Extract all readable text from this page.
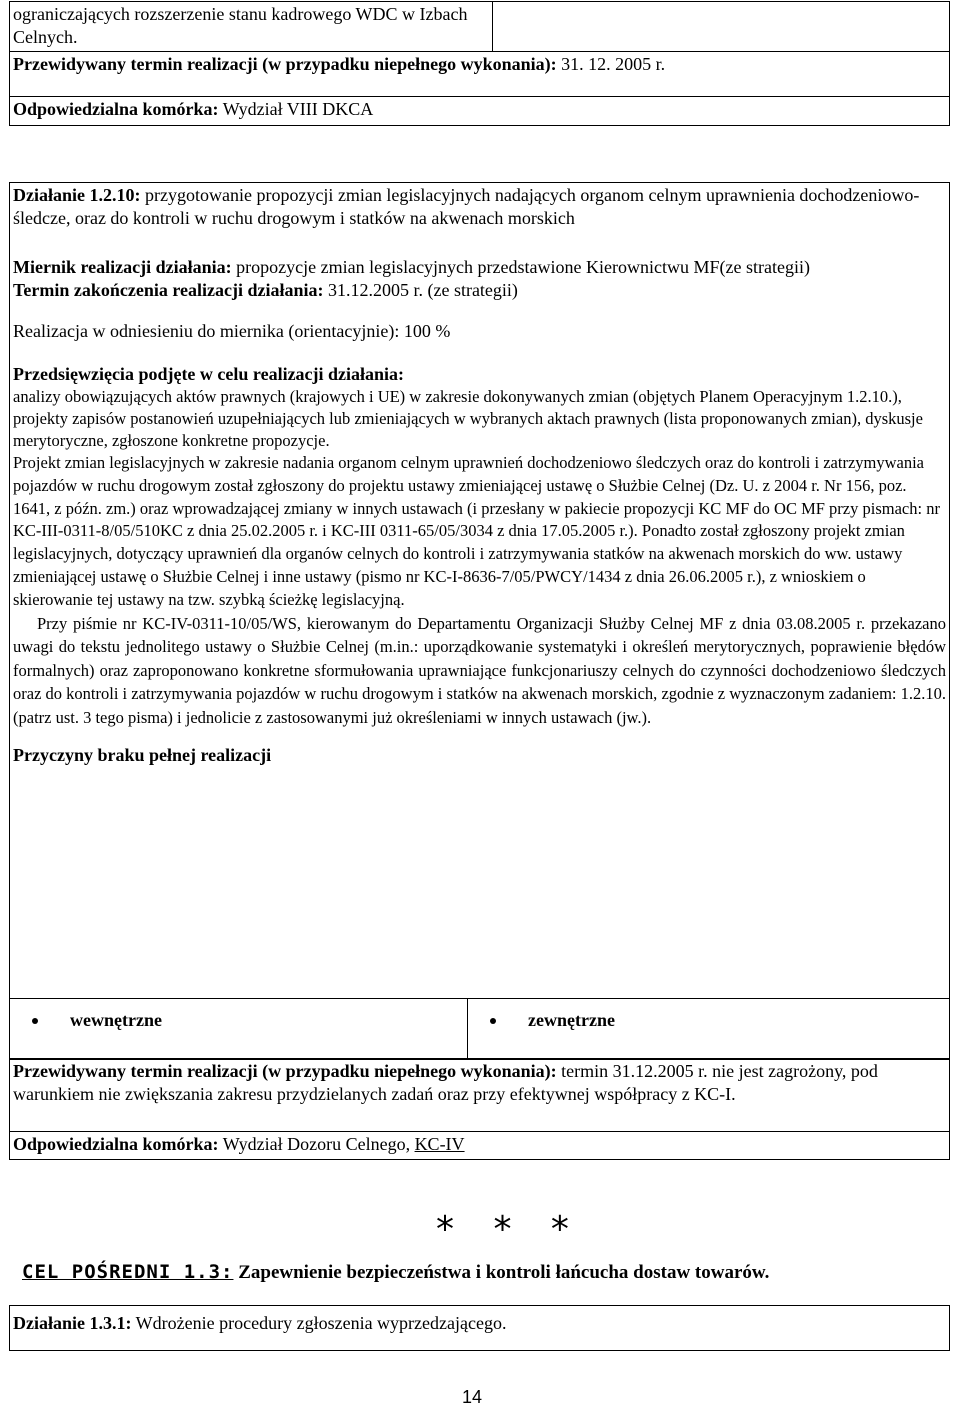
ograniczających rozszerzenie stanu kadrowego WDC w Izbach Celnych.	
Przewidywany termin realizacji (w przypadku niepełnego wykonania): 31. 12. 2005 r.
Odpowiedzialna komórka: Wydział VIII DKCA

Działanie 1.2.10: przygotowanie propozycji zmian legislacyjnych nadających organom celnym uprawnienia dochodzeniowo-śledcze, oraz do kontroli w ruchu drogowym i statków na akwenach morskich

Miernik realizacji działania: propozycje zmian legislacyjnych przedstawione Kierownictwu MF(ze strategii)

Termin zakończenia realizacji działania: 31.12.2005 r. (ze strategii)

Realizacja w odniesieniu do miernika (orientacyjnie): 100 %

Przedsięwzięcia podjęte w celu realizacji działania:

analizy obowiązujących aktów prawnych (krajowych i UE) w zakresie dokonywanych zmian (objętych Planem Operacyjnym 1.2.10.), projekty zapisów postanowień uzupełniających lub zmieniających w wybranych aktach prawnych (lista proponowanych zmian), dyskusje merytoryczne, zgłoszone konkretne propozycje.

Projekt zmian legislacyjnych w zakresie nadania organom celnym uprawnień dochodzeniowo śledczych oraz do kontroli i zatrzymywania pojazdów w ruchu drogowym został zgłoszony do projektu ustawy zmieniającej ustawę o Służbie Celnej (Dz. U. z 2004 r. Nr 156, poz. 1641, z późn. zm.) oraz wprowadzającej zmiany w innych ustawach (i przesłany w pakiecie propozycji KC MF do OC MF przy pismach: nr KC-III-0311-8/05/510KC z dnia 25.02.2005 r. i KC-III 0311-65/05/3034 z dnia 17.05.2005 r.). Ponadto został zgłoszony projekt zmian legislacyjnych, dotyczący uprawnień dla organów celnych do kontroli i zatrzymywania statków na akwenach morskich do ww. ustawy zmieniającej ustawę o Służbie Celnej i inne ustawy (pismo nr KC-I-8636-7/05/PWCY/1434 z dnia 26.06.2005 r.), z wnioskiem o skierowanie tej ustawy na tzw. szybką ścieżkę legislacyjną.

Przy piśmie nr KC-IV-0311-10/05/WS, kierowanym do Departamentu Organizacji Służby Celnej MF z dnia 03.08.2005 r. przekazano uwagi do tekstu jednolitego ustawy o Służbie Celnej (m.in.: uporządkowanie systematyki i określeń merytorycznych, poprawienie błędów formalnych) oraz zaproponowano konkretne sformułowania uprawniające funkcjonariuszy celnych do czynności dochodzeniowo śledczych oraz do kontroli i zatrzymywania pojazdów w ruchu drogowym i statków na akwenach morskich, zgodnie z wyznaczonym zadaniem: 1.2.10. (patrz ust. 3 tego pisma) i jednolicie z zastosowanymi już określeniami w innych ustawach (jw.).

Przyczyny braku pełnej realizacji

wewnętrzne	zewnętrzne
Przewidywany termin realizacji (w przypadku niepełnego wykonania): termin 31.12.2005 r. nie jest zagrożony, pod warunkiem nie zwiększania zakresu przydzielanych zadań oraz przy efektywnej współpracy z KC-I.
Odpowiedzialna komórka: Wydział Dozoru Celnego, KC-IV
* * *
CEL POŚREDNI 1.3: Zapewnienie bezpieczeństwa i kontroli łańcucha dostaw towarów.
Działanie 1.3.1: Wdrożenie procedury zgłoszenia wyprzedzającego.
14
